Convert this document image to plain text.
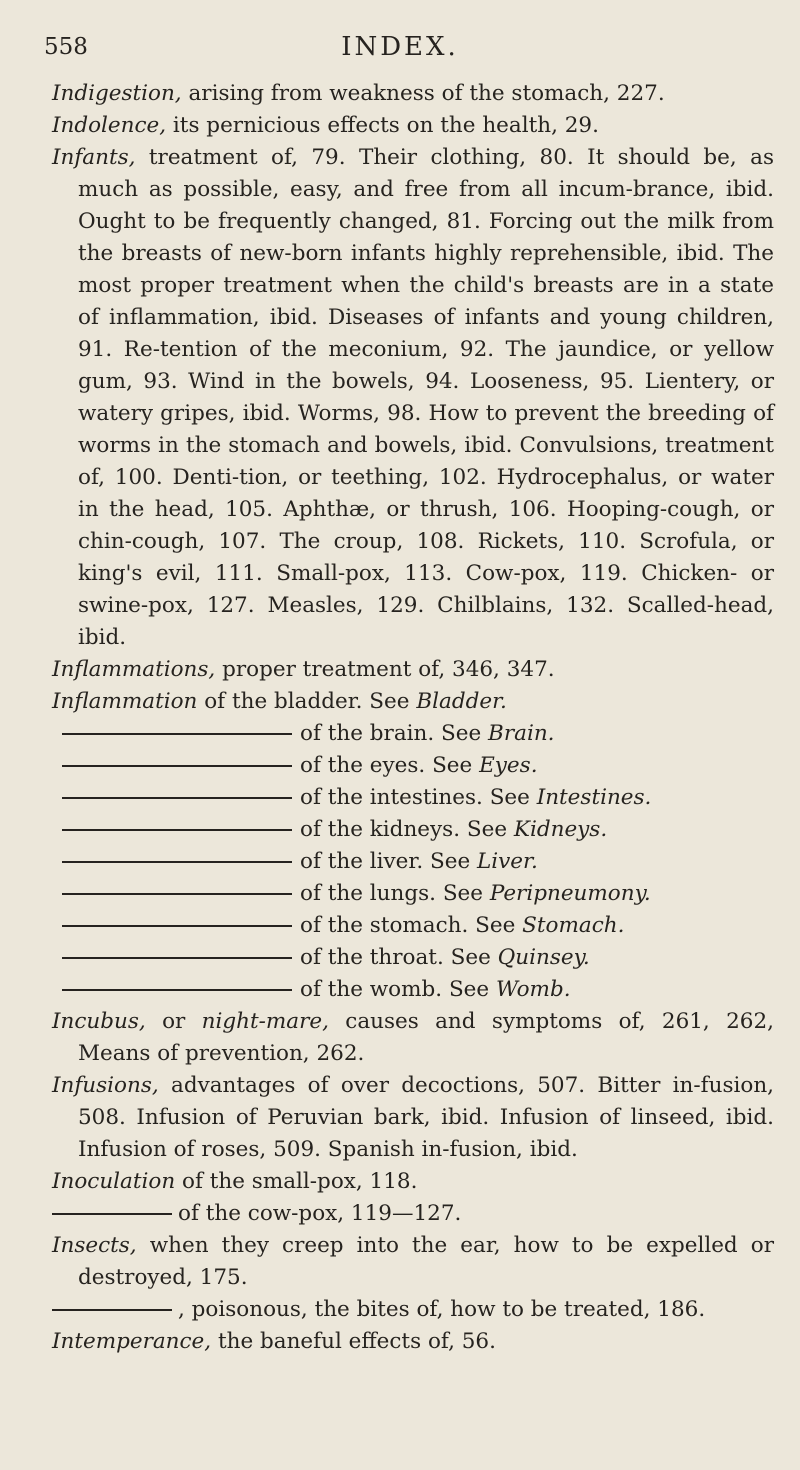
558	INDEX.

Indigestion, arising from weakness of the stomach, 227.

Indolence, its pernicious effects on the health, 29.

Infants, treatment of, 79. Their clothing, 80. It should be, as much as possible, easy, and free from all incum-brance, ibid. Ought to be frequently changed, 81. Forcing out the milk from the breasts of new-born infants highly reprehensible, ibid. The most proper treatment when the child's breasts are in a state of inflammation, ibid. Diseases of infants and young children, 91. Re-tention of the meconium, 92. The jaundice, or yellow gum, 93. Wind in the bowels, 94. Looseness, 95. Lientery, or watery gripes, ibid. Worms, 98. How to prevent the breeding of worms in the stomach and bowels, ibid. Convulsions, treatment of, 100. Denti-tion, or teething, 102. Hydrocephalus, or water in the head, 105. Aphthæ, or thrush, 106. Hooping-cough, or chin-cough, 107. The croup, 108. Rickets, 110. Scrofula, or king's evil, 111. Small-pox, 113. Cow-pox, 119. Chicken- or swine-pox, 127. Measles, 129. Chilblains, 132. Scalled-head, ibid.

Inflammations, proper treatment of, 346, 347.

Inflammation of the bladder. See Bladder.

of the brain. See Brain.

of the eyes. See Eyes.

of the intestines. See Intestines.

of the kidneys. See Kidneys.

of the liver. See Liver.

of the lungs. See Peripneumony.

of the stomach. See Stomach.

of the throat. See Quinsey.

of the womb. See Womb.

Incubus, or night-mare, causes and symptoms of, 261, 262, Means of prevention, 262.

Infusions, advantages of over decoctions, 507. Bitter in-fusion, 508. Infusion of Peruvian bark, ibid. Infusion of linseed, ibid. Infusion of roses, 509. Spanish in-fusion, ibid.

Inoculation of the small-pox, 118.

of the cow-pox, 119—127.

Insects, when they creep into the ear, how to be expelled or destroyed, 175.

, poisonous, the bites of, how to be treated, 186.

Intemperance, the baneful effects of, 56.
